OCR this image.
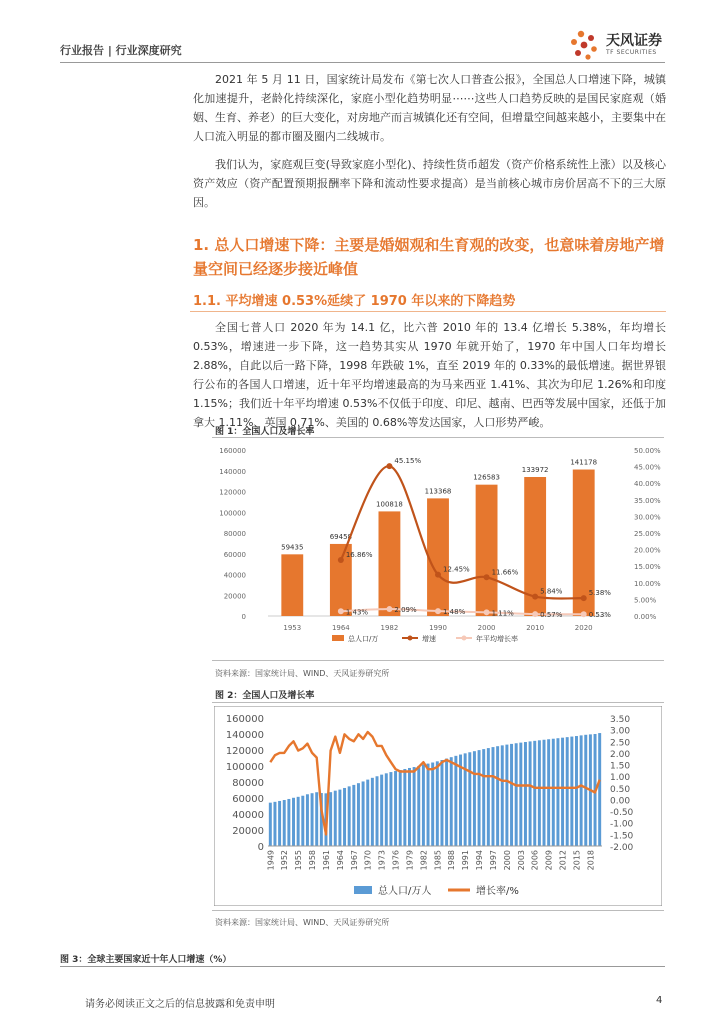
行业报告 | 行业深度研究
天风证券
TF SECURITIES

2021 年 5 月 11 日，国家统计局发布《第七次人口普查公报》，全国总人口增速下降，城镇化加速提升，老龄化持续深化，家庭小型化趋势明显⋯⋯这些人口趋势反映的是国民家庭观（婚姻、生育、养老）的巨大变化，对房地产而言城镇化还有空间，但增量空间越来越小，主要集中在人口流入明显的都市圈及圈内二线城市。

我们认为，家庭观巨变(导致家庭小型化)、持续性货币超发（资产价格系统性上涨）以及核心资产效应（资产配置预期报酬率下降和流动性要求提高）是当前核心城市房价居高不下的三大原因。

1. 总人口增速下降：主要是婚姻观和生育观的改变，也意味着房地产增量空间已经逐步接近峰值
1.1. 平均增速 0.53%延续了 1970 年以来的下降趋势

全国七普人口 2020 年为 14.1 亿，比六普 2010 年的 13.4 亿增长 5.38%，年均增长 0.53%，增速进一步下降，这一趋势其实从 1970 年就开始了，1970 年中国人口年均增长 2.88%，自此以后一路下降，1998 年跌破 1%，直至 2019 年的 0.33%的最低增速。据世界银行公布的各国人口增速，近十年平均增速最高的为马来西亚 1.41%、其次为印尼 1.26%和印度 1.15%；我们近十年平均增速 0.53%不仅低于印度、印尼、越南、巴西等发展中国家，还低于加拿大 1.11%、英国 0.71%、美国的 0.68%等发达国家，人口形势严峻。

图 1：全国人口及增长率
0
20000
40000
60000
80000
100000
120000
140000
160000
0.00%
5.00%
10.00%
15.00%
20.00%
25.00%
30.00%
35.00%
40.00%
45.00%
50.00%
59435
1953
69458
1964
100818
1982
113368
1990
126583
2000
133972
2010
141178
2020
16.86%
45.15%
12.45%	11.66%
5.84%	5.38%
1.43%	2.09%	1.48%	1.11%	0.57%	0.53%
总人口/万	增速	年平均增长率
资料来源：国家统计局、WIND、天风证券研究所
图 2：全国人口及增长率
0
20000
40000
60000
80000
100000
120000
140000
160000
-2.00
-1.50
-1.00
-0.50
0.00
0.50
1.00
1.50
2.00
2.50
3.00
3.50
1949 1952 1955 1958 1961 1964 1967 1970 1973 1976 1979 1982 1985 1988 1991 1994 1997 2000 2003 2006 2009 2012 2015 2018
总人口/万人	增长率/%
资料来源：国家统计局、WIND、天风证券研究所
图 3：全球主要国家近十年人口增速（%）
请务必阅读正文之后的信息披露和免责申明	4
